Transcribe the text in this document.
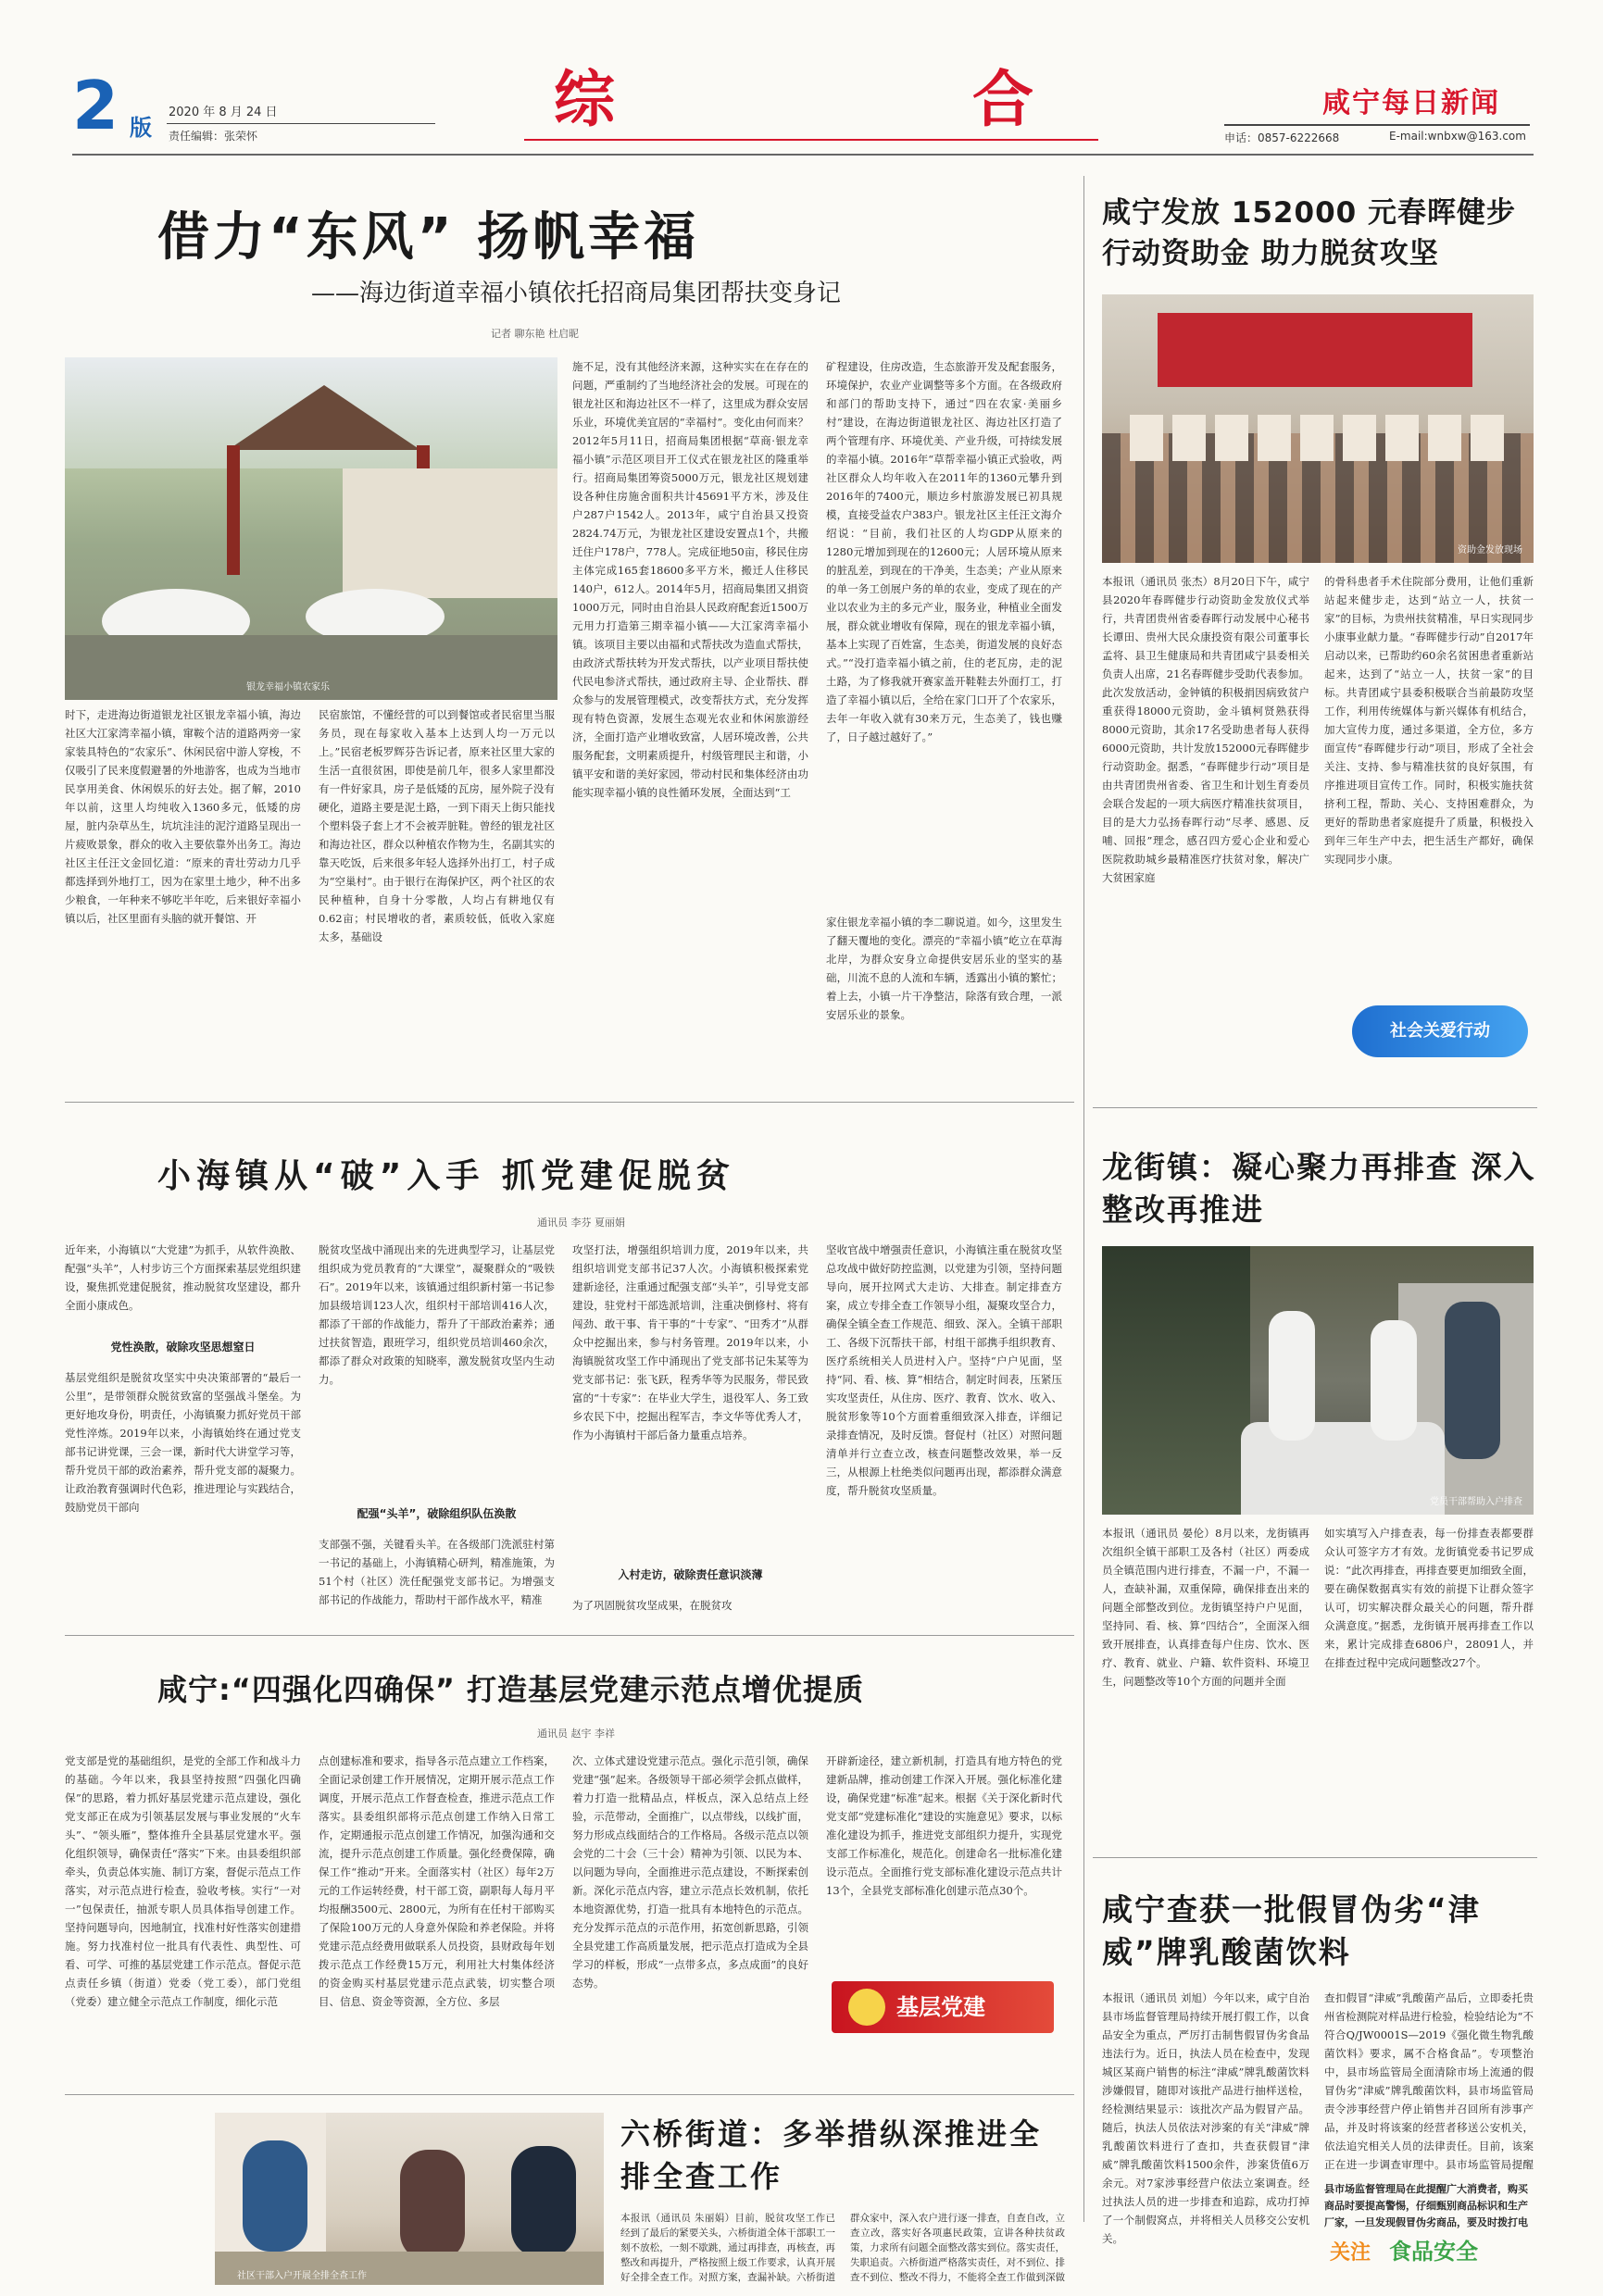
2 版
2020 年 8 月 24 日
责任编辑：张荣怀
综	合	咸宁每日新闻
申话：0857-6222668	E-mail:wnbxw@163.com
借力“东风” 扬帆幸福
——海边街道幸福小镇依托招商局集团帮扶变身记
记者 聊东艳 杜启昵
银龙幸福小镇农家乐
时下，走进海边街道银龙社区银龙幸福小镇，海边社区大江家湾幸福小镇，窜鞍个洁的道路两旁一家家装具特色的“农家乐”、休闲民宿中游人穿梭，不仅吸引了民来度假避暑的外地游客，也成为当地市民享用美食、休闲娱乐的好去处。据了解，2010年以前，这里人均纯收入1360多元，低矮的房屋，脏内杂草丛生，坑坑洼洼的泥泞道路呈现出一片疲败景象，群众的收入主要依靠外出务工。海边社区主任汪文金回忆道：“原来的青壮劳动力几乎都选择到外地打工，因为在家里土地少，种不出多少粮食，一年种来不够吃半年吃，后来银好幸福小镇以后，社区里面有头脑的就开餐馆、开
民宿旅馆，不懂经营的可以到餐馆或者民宿里当服务员，现在每家收入基本上达到人均一万元以上。”民宿老板罗辉芬告诉记者，原来社区里大家的生活一直很贫困，即使是前几年，很多人家里都没有一件好家具，房子是低矮的瓦房，屋外院子没有硬化，道路主要是泥土路，一到下雨天上街只能找个塑料袋子套上才不会被弄脏鞋。曾经的银龙社区和海边社区，群众以种植农作物为生，名副其实的靠天吃饭，后来很多年轻人选择外出打工，村子成为“空巢村”。由于银行在海保护区，两个社区的农民种植种，自身十分零散，人均占有耕地仅有0.62亩；村民增收的者，素质较低，低收入家庭太多，基础设
施不足，没有其他经济来源，这种实实在在存在的问题，严重制约了当地经济社会的发展。可现在的银龙社区和海边社区不一样了，这里成为群众安居乐业，环境优美宜居的“幸福村”。变化由何而来？2012年5月11日，招商局集团根据“草商·银龙幸福小镇”示范区项目开工仪式在银龙社区的隆重举行。招商局集团筹资5000万元，银龙社区规划建设各种住房施舍面积共计45691平方米，涉及住户287户1542人。2013年，咸宁自治县又投资2824.74万元，为银龙社区建设安置点1个，共搬迁住户178户，778人。完成征地50亩，移民住房主体完成165套18600多平方米，搬迁人住移民140户，612人。2014年5月，招商局集团又捐资1000万元，同时由自治县人民政府配套近1500万元用力打造第三期幸福小镇——大江家湾幸福小镇。该项目主要以由福和式帮扶改为造血式帮扶，由政济式帮扶转为开发式帮扶，以产业项目帮扶使代民电参济式帮扶，通过政府主导、企业帮扶、群众参与的发展管理模式，改变帮扶方式，充分发挥现有特色资源，发展生态观光农业和休闲旅游经济，全面打造产业增收致富，人居环境改善，公共服务配套，文明素质提升，村级管理民主和谐，小镇平安和谐的美好家园，带动村民和集体经济由功能实现幸福小镇的良性循环发展，全面达到“工
矿程建设，住房改造，生态旅游开发及配套服务，环境保护，农业产业调整等多个方面。在各级政府和部门的帮助支持下，通过“四在农家·美丽乡村”建设，在海边街道银龙社区、海边社区打造了两个管理有序、环境优美、产业升级，可持续发展的幸福小镇。2016年“草帮幸福小镇正式验收，两社区群众人均年收入在2011年的1360元攀升到2016年的7400元，顺边乡村旅游发展已初具规模，直接受益农户383户。银龙社区主任汪文海介绍说：“目前，我们社区的人均GDP从原来的1280元增加到现在的12600元；人居环境从原来的脏乱差，到现在的干净美，生态美；产业从原来的单一务工创展户务的单的农业，变成了现在的产业以农业为主的多元产业，服务业，种植业全面发展，群众就业增收有保障，现在的银龙幸福小镇，基本上实现了百姓富，生态美，街道发展的良好态式。”“没打造幸福小镇之前，住的老瓦房，走的泥土路，为了修我就开赛家盖开鞋鞋去外面打工，打造了幸福小镇以后，全给在家门口开了个农家乐，去年一年收入就有30来万元，生态美了，钱也赚了，日子越过越好了。”
家住银龙幸福小镇的李二聊说道。如今，这里发生了翻天覆地的变化。漂亮的“幸福小镇”屹立在草海北岸，为群众安身立命提供安居乐业的坚实的基础，川流不息的人流和车辆，透露出小镇的繁忙；着上去，小镇一片干净整洁，除落有致合理，一派安居乐业的景象。
咸宁发放 152000 元春晖健步行动资助金 助力脱贫攻坚
资助金发放现场
本报讯（通讯员 张杰）8月20日下午，咸宁县2020年春晖健步行动资助金发放仪式举行，共青团贵州省委春晖行动发展中心秘书长谭田、贵州大民众康投资有限公司董事长孟将、县卫生健康局和共青团咸宁县委相关负责人出席，21名春晖健步受助代表参加。此次发放活动，金钟镇的积极捐因病致贫户重获得18000元资助，金斗镇柯贤熟获得8000元资助，其余17名受助患者每人获得6000元资助，共计发放152000元春晖健步行动资助金。据悉，“春晖健步行动”项目是由共青团贵州省委、省卫生和计划生育委员会联合发起的一项大病医疗精准扶贫项目，目的是大力弘扬春晖行动“尽孝、感恩、反哺、回报”理念，感召四方爱心企业和爱心医院救助城乡最精准医疗扶贫对象，解决广大贫困家庭
的骨科患者手术住院部分费用，让他们重新站起来健步走，达到“站立一人，扶贫一家”的目标，为贵州扶贫精准，早日实现同步小康事业献力量。“春晖健步行动”自2017年启动以来，已帮助约60余名贫困患者重新站起来，达到了“站立一人，扶贫一家”的目标。共青团咸宁县委积极联合当前最防攻坚工作，利用传统媒体与新兴媒体有机结合，加大宣传力度，通过多渠道，全方位，多方面宣传“春晖健步行动”项目，形成了全社会关注、支持、参与精准扶贫的良好氛围，有序推进项目宣传工作。同时，积极实施扶贫挤利工程，帮助、关心、支持困难群众，为更好的帮助患者家庭提升了质量，积极投入到年三年生产中去，把生活生产都好，确保实现同步小康。
社会关爱行动
小海镇从“破”入手 抓党建促脱贫
通讯员 李芬 夏丽娟
近年来，小海镇以“大党建”为抓手，从软件涣散、配强“头羊”，人村步访三个方面探索基层党组织建设，聚焦抓党建促脱贫，推动脱贫攻坚建设，都升全面小康成色。
党性涣散，破除攻坚思想窒日
基层党组织是脱贫攻坚实中央决策部署的“最后一公里”，是带领群众脱贫致富的坚强战斗堡垒。为更好地攻身份，明责任，小海镇聚力抓好党员干部党性淬炼。2019年以来，小海镇始终在通过党支部书记讲党课，三会一课，新时代大讲堂学习等，帮升党员干部的政治素养，帮升党支部的凝聚力。让政治教育强调时代色彩，推进理论与实践结合，鼓励党员干部向
脱贫攻坚战中涌现出来的先进典型学习，让基层党组织成为党员教育的“大课堂”，凝聚群众的“吸铁石”。2019年以来，该镇通过组织新村第一书记参加县级培训123人次，组织村干部培训416人次，都添了干部的作战能力，帮升了干部政治素养；通过扶贫智造，跟班学习，组织党员培训460余次，都添了群众对政策的知晓率，激发脱贫攻坚内生动力。
配强“头羊”，破除组织队伍涣散
支部强不强，关键看头羊。在各级部门洗派驻村第一书记的基础上，小海镇精心研判，精准施策，为51个村（社区）洗任配强党支部书记。为增强支部书记的作战能力，帮助村干部作战水平，精准
攻坚打法，增强组织培训力度，2019年以来，共组织培训党支部书记37人次。小海镇积极探索党建新途径，注重通过配强支部“头羊”，引导党支部建设，驻党村干部选派培训，注重决倒修村、将有闯劲、敢干事、肯干事的“十专家”、“田秀才”从群众中挖掘出来，参与村务管理。2019年以来，小海镇脱贫攻坚工作中涌现出了党支部书记朱某等为党支部书记：张飞跃，程秀华等为民服务，带民致富的“十专家”：在毕业大学生，退役军人、务工致乡农民下中，挖掘出程军吉，李文华等优秀人才，作为小海镇村干部后备力量重点培养。
入村走访，破除责任意识淡薄
为了巩固脱贫攻坚成果，在脱贫攻
坚收官战中增强责任意识，小海镇注重在脱贫攻坚总攻战中做好防控监测，以党建为引领，坚持问题导向，展开拉网式大走访、大排查。制定排查方案，成立专排全查工作领导小组，凝聚攻坚合力，确保全镇全查工作规范、细致、深入。全镇干部职工、各级下沉帮扶干部，村组干部携手组织教育、医疗系统相关人员进村入户。坚持“户户见面，坚持“同、看、核、算”相结合，制定时间表，压紧压实攻坚责任，从住房、医疗、教育、饮水、收入、脱贫形象等10个方面着重细致深入排查，详细记录排查情况，及时反馈。督促村（社区）对照问题清单并行立查立改，核查问题整改效果，举一反三，从根源上杜绝类似问题再出现，都添群众满意度，帮升脱贫攻坚质量。
龙街镇：凝心聚力再排查 深入整改再推进
党员干部帮助入户排查
本报讯（通讯员 晏伦）8月以来，龙街镇再次组织全镇干部职工及各村（社区）两委成员全镇范围内进行排查，不漏一户，不漏一人，查缺补漏，双重保障，确保排查出来的问题全部整改到位。龙街镇坚持户户见面，坚持同、看、核、算“四结合”，全面深入细致开展排查，认真排查每户住房、饮水、医疗、教育、就业、户籍、软件资料、环境卫生，问题整改等10个方面的问题并全面
如实填写入户排查表，每一份排查表都要群众认可签字方才有效。龙街镇党委书记罗成说：“此次再排查，再排查要更加细致全面，要在确保数据真实有效的前提下让群众签字认可，切实解决群众最关心的问题，帮升群众满意度。”据悉，龙街镇开展再排查工作以来，累计完成排查6806户，28091人，并在排查过程中完成问题整改27个。
咸宁:“四强化四确保” 打造基层党建示范点增优提质
通讯员 赵宇 李祥
党支部是党的基础组织，是党的全部工作和战斗力的基础。今年以来，我县坚持按照“四强化四确保”的思路，着力抓好基层党建示范点建设，强化党支部正在成为引领基层发展与事业发展的“火车头”、“领头雁”，整体推升全县基层党建水平。强化组织领导，确保责任“落实”下来。由县委组织部牵头，负责总体实施、制订方案，督促示范点工作落实，对示范点进行检查，验收考核。实行“一对一”包保责任，抽派专职人员具体指导创建工作。坚持问题导向，因地制宜，找准村好性落实创建措施。努力找准村位一批具有代表性、典型性、可看、可学、可推的基层党建工作示范点。督促示范点责任乡镇（街道）党委（党工委），部门党组（党委）建立健全示范点工作制度，细化示范
点创建标准和要求，指导各示范点建立工作档案，全面记录创建工作开展情况，定期开展示范点工作调度，开展示范点工作督查检查，推进示范点工作落实。县委组织部将示范点创建工作纳入日常工作，定期通报示范点创建工作情况，加强沟通和交流，提升示范点创建工作质量。强化经费保障，确保工作“推动”开来。全面落实村（社区）每年2万元的工作运转经费，村干部工资，副职每人每月平均报酬3500元、2800元，为所有在任村干部购买了保险100万元的人身意外保险和养老保险。并将党建示范点经费用做联系人员投资，县财政每年划拨示范点工作经费15万元，利用社大村集体经济的资金购买村基层党建示范点武装，切实整合项目、信息、资金等资源，全方位、多层
次、立体式建设党建示范点。强化示范引领，确保党建“强”起来。各级领导干部必须学会抓点做样，着力打造一批精品点，样板点，深入总结点上经验，示范带动，全面推广，以点带线，以线扩面，努力形成点线面结合的工作格局。各级示范点以领会党的二十会（三十会）精神为引领、以民为本、以问题为导向，全面推进示范点建设，不断探索创新。深化示范点内容，建立示范点长效机制，依托本地资源优势，打造一批具有本地特色的示范点。充分发挥示范点的示范作用，拓宽创新思路，引领全县党建工作高质量发展，把示范点打造成为全县学习的样板，形成“一点带多点，多点成面”的良好态势。
开辟新途径，建立新机制，打造具有地方特色的党建新品牌，推动创建工作深入开展。强化标准化建设，确保党建“标准”起来。根据《关于深化新时代党支部“党建标准化”建设的实施意见》要求，以标准化建设为抓手，推进党支部组织力提升，实现党支部工作标准化，规范化。创建命名一批标准化建设示范点。全面推行党支部标准化建设示范点共计13个，全县党支部标准化创建示范点30个。
基层党建
咸宁查获一批假冒伪劣“津威”牌乳酸菌饮料
本报讯（通讯员 刘旭）今年以来，咸宁自治县市场监督管理局持续开展打假工作，以食品安全为重点，严厉打击制售假冒伪劣食品违法行为。近日，执法人员在检查中，发现城区某商户销售的标注“津威”牌乳酸菌饮料涉嫌假冒，随即对该批产品进行抽样送检，经检测结果显示：该批次产品为假冒产品。随后，执法人员依法对涉案的有关“津威”牌乳酸菌饮料进行了查扣，共查获假冒“津威”牌乳酸菌饮料1500余件，涉案货值6万余元。对7家涉事经营户依法立案调查。经过执法人员的进一步排查和追踪，成功打掉了一个制假窝点，并将相关人员移交公安机关。
查扣假冒“津威”乳酸菌产品后，立即委托贵州省检测院对样品进行检验，检验结论为“不符合Q/JW0001S—2019《强化微生物乳酸菌饮料》要求，属不合格食品”。专项整治中，县市场监管局全面清除市场上流通的假冒伪劣“津威”牌乳酸菌饮料，县市场监管局责令涉事经营户停止销售并召回所有涉事产品，并及时将该案的经营者移送公安机关，依法追究相关人员的法律责任。目前，该案正在进一步调查审理中。县市场监管局提醒
县市场监督管理局在此提醒广大消费者，购买商品时要提高警惕，仔细甄别商品标识和生产厂家，一旦发现假冒伪劣商品，要及时拨打电
关注 食品安全
社区干部入户开展全排全查工作
六桥街道：多举措纵深推进全排全查工作
本报讯（通讯员 朱丽娟）目前，脱贫攻坚工作已经到了最后的紧要关头，六桥街道全体干部职工一刻不放松，一刻不歇跳，通过再排查，再核查，再整改和再提升，严格按照上级工作要求，认真开展好全排全查工作。对照方案，查漏补缺。六桥街道
群众家中，深入农户进行逐一排查，自查自改，立查立改，落实好各项惠民政策，宣讲各种扶贫政策，力求所有问题全面整改落实到位。落实责任，失职追责。六桥街道严格落实责任，对不到位、排查不到位、整改不得力，不能将全查工作做到深做
